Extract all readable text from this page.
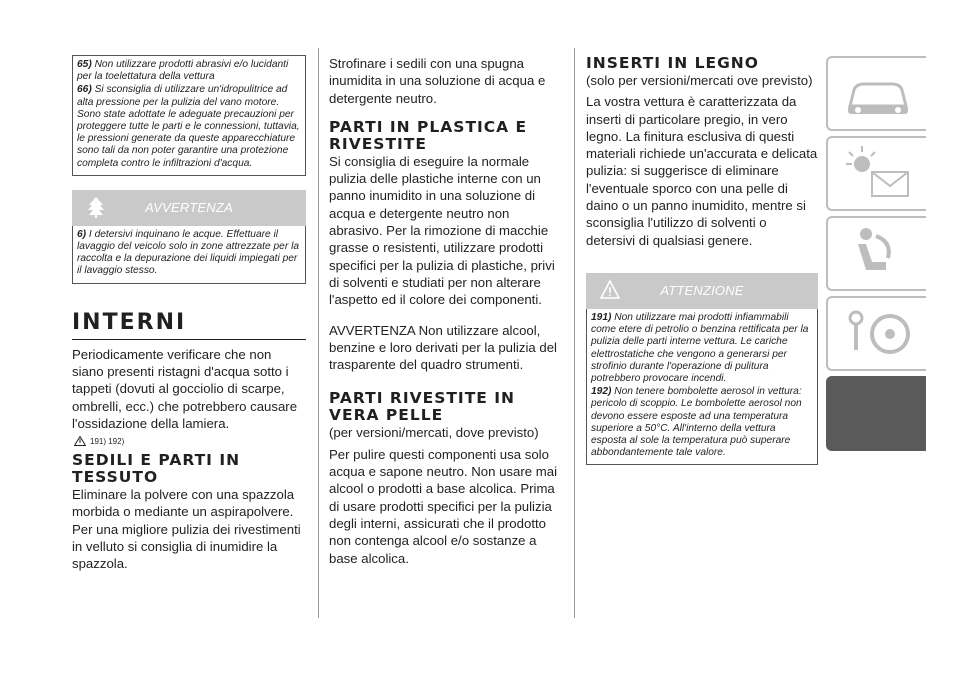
65) Non utilizzare prodotti abrasivi e/o lucidanti per la toelettatura della vettura

66) Si sconsiglia di utilizzare un'idropulitrice ad alta pressione per la pulizia del vano motore. Sono state adottate le adeguate precauzioni per proteggere tutte le parti e le connessioni, tuttavia, le pressioni generate da queste apparecchiature sono tali da non poter garantire una protezione completa contro le infiltrazioni d'acqua.

AVVERTENZA
6) I detersivi inquinano le acque. Effettuare il lavaggio del veicolo solo in zone attrezzate per la raccolta e la depurazione dei liquidi impiegati per il lavaggio stesso.
INTERNI

Periodicamente verificare che non siano presenti ristagni d'acqua sotto i tappeti (dovuti al gocciolio di scarpe, ombrelli, ecc.) che potrebbero causare l'ossidazione della lamiera.

191) 192)
SEDILI E PARTI IN TESSUTO

Eliminare la polvere con una spazzola morbida o mediante un aspirapolvere. Per una migliore pulizia dei rivestimenti in velluto si consiglia di inumidire la spazzola.

Strofinare i sedili con una spugna inumidita in una soluzione di acqua e detergente neutro.

PARTI IN PLASTICA E RIVESTITE

Si consiglia di eseguire la normale pulizia delle plastiche interne con un panno inumidito in una soluzione di acqua e detergente neutro non abrasivo. Per la rimozione di macchie grasse o resistenti, utilizzare prodotti specifici per la pulizia di plastiche, privi di solventi e studiati per non alterare l'aspetto ed il colore dei componenti.

AVVERTENZA Non utilizzare alcool, benzine e loro derivati per la pulizia del trasparente del quadro strumenti.

PARTI RIVESTITE IN VERA PELLE

(per versioni/mercati, dove previsto)

Per pulire questi componenti usa solo acqua e sapone neutro. Non usare mai alcool o prodotti a base alcolica. Prima di usare prodotti specifici per la pulizia degli interni, assicurati che il prodotto non contenga alcool e/o sostanze a base alcolica.

INSERTI IN LEGNO

(solo per versioni/mercati ove previsto)

La vostra vettura è caratterizzata da inserti di particolare pregio, in vero legno. La finitura esclusiva di questi materiali richiede un'accurata e delicata pulizia: si suggerisce di eliminare l'eventuale sporco con una pelle di daino o un panno inumidito, mentre si sconsiglia l'utilizzo di solventi o detersivi di qualsiasi genere.

ATTENZIONE

191) Non utilizzare mai prodotti infiammabili come etere di petrolio o benzina rettificata per la pulizia delle parti interne vettura. Le cariche elettrostatiche che vengono a generarsi per strofinio durante l'operazione di pulitura potrebbero provocare incendi.

192) Non tenere bombolette aerosol in vettura: pericolo di scoppio. Le bombolette aerosol non devono essere esposte ad una temperatura superiore a 50°C. All'interno della vettura esposta al sole la temperatura può superare abbondantemente tale valore.
